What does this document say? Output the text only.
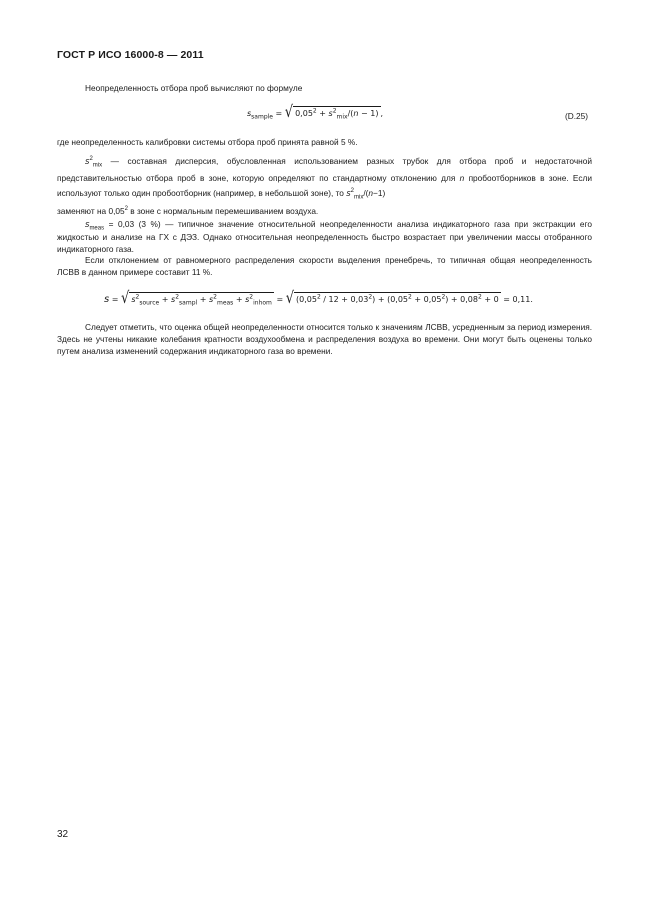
ГОСТ Р ИСО 16000-8 — 2011
Неопределенность отбора проб вычисляют по формуле
$s_{sample}$ = √ $0,05^2 + s^2_{mix}/(n - 1)$ ,	(D.25)
где неопределенность калибровки системы отбора проб принята равной 5 %.
$s^2_{mix}$ — составная дисперсия, обусловленная использованием разных трубок для отбора проб и недостаточной представительностью отбора проб в зоне, которую определяют по стандартному отклонению для n пробоотборников в зоне. Если используют только один пробоотборник (например, в небольшой зоне), то $s^2_{mix}/(n-1)$
заменяют на 0,05$^2$ в зоне с нормальным перемешиванием воздуха.
$s_{meas} = 0,03$ (3 %) — типичное значение относительной неопределенности анализа индикаторного газа при экстракции его жидкостью и анализе на ГХ с ДЭЗ. Однако относительная неопределенность быстро возрастает при увеличении массы отобранного индикаторного газа.
Если отклонением от равномерного распределения скорости выделения пренебречь, то типичная общая неопределенность ЛСВВ в данном примере составит 11 %.
s = √ $s^2_{source} + s^2_{sampl} + s^2_{meas} + s^2_{inhom}$ = √ $(0,05^2 / 12 + 0,03^2) + (0,05^2 + 0,05^2) + 0,08^2 + 0 = 0,11$.
Следует отметить, что оценка общей неопределенности относится только к значениям ЛСВВ, усредненным за период измерения. Здесь не учтены никакие колебания кратности воздухообмена и распределения воздуха во времени. Они могут быть оценены только путем анализа изменений содержания индикаторного газа во времени.
32
